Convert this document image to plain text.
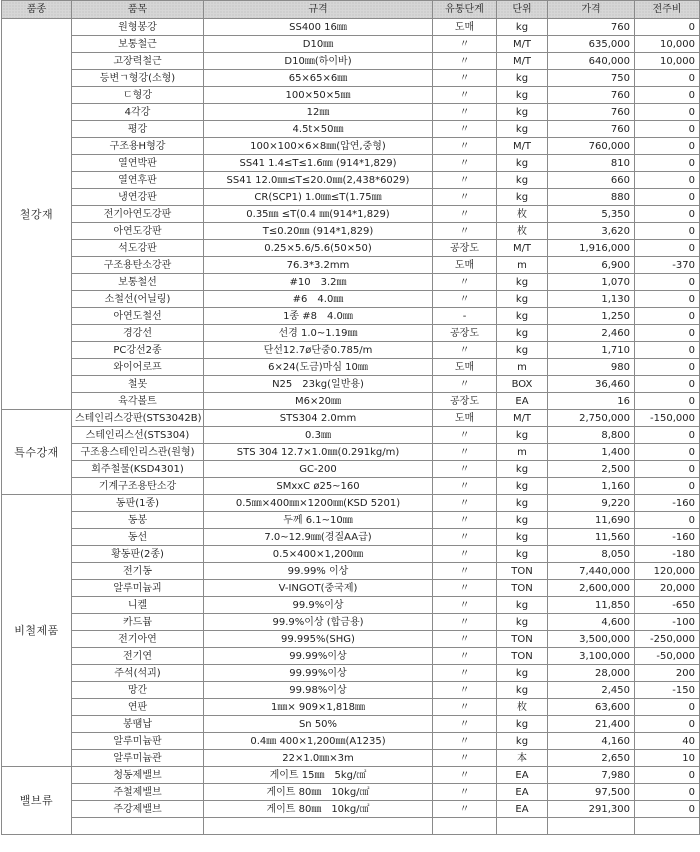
품종	품목	규격	유통단계	단위	가격	전주비
철강재	원형봉강	SS400 16㎜	도매	kg	760	0
	보통철근	D10㎜	〃	M/T	635,000	10,000
	고장력철근	D10㎜(하이바)	〃	M/T	640,000	10,000
	등변ㄱ형강(소형)	65×65×6㎜	〃	kg	750	0
	ㄷ형강	100×50×5㎜	〃	kg	760	0
	4각강	12㎜	〃	kg	760	0
	평강	4.5t×50㎜	〃	kg	760	0
	구조용H형강	100×100×6×8㎜(압연,중형)	〃	M/T	760,000	0
	열연박판	SS41 1.4≤T≤1.6㎜ (914*1,829)	〃	kg	810	0
	열연후판	SS41 12.0㎜≤T≤20.0㎜(2,438*6029)	〃	kg	660	0
	냉연강판	CR(SCP1) 1.0㎜≤T(1.75㎜	〃	kg	880	0
	전기아연도강판	0.35㎜ ≤T(0.4 ㎜(914*1,829)	〃	枚	5,350	0
	아연도강판	T≤0.20㎜ (914*1,829)	〃	枚	3,620	0
	석도강판	0.25×5.6/5.6(50×50)	공장도	M/T	1,916,000	0
	구조용탄소강관	76.3*3.2mm	도매	m	6,900	-370
	보통철선	#10　3.2㎜	〃	kg	1,070	0
	소철선(어닐링)	#6　4.0㎜	〃	kg	1,130	0
	아연도철선	1종 #8　4.0㎜	-	kg	1,250	0
	경강선	선경 1.0~1.19㎜	공장도	kg	2,460	0
	PC강선2종	단선12.7ø단중0.785/m	〃	kg	1,710	0
	와이어로프	6×24(도금)마심 10㎜	도매	m	980	0
	철못	N25　23kg(일반용)	〃	BOX	36,460	0
	육각볼트	M6×20㎜	공장도	EA	16	0
특수강재	스테인리스강판(STS3042B)	STS304 2.0mm	도매	M/T	2,750,000	-150,000
	스테인리스선(STS304)	0.3㎜	〃	kg	8,800	0
	구조용스테인리스관(원형)	STS 304 12.7×1.0㎜(0.291kg/m)	〃	m	1,400	0
	회주철물(KSD4301)	GC-200	〃	kg	2,500	0
	기계구조용탄소강	SMxxC ø25~160	〃	kg	1,160	0
비철제품	동판(1종)	0.5㎜×400㎜×1200㎜(KSD 5201)	〃	kg	9,220	-160
	동봉	두께 6.1~10㎜	〃	kg	11,690	0
	동선	7.0~12.9㎜(경질AA급)	〃	kg	11,560	-160
	황동판(2종)	0.5×400×1,200㎜	〃	kg	8,050	-180
	전기동	99.99% 이상	〃	TON	7,440,000	120,000
	알루미늄괴	V-INGOT(중국제)	〃	TON	2,600,000	20,000
	니켈	99.9%이상	〃	kg	11,850	-650
	카드뮴	99.9%이상 (합금용)	〃	kg	4,600	-100
	전기아연	99.995%(SHG)	〃	TON	3,500,000	-250,000
	전기연	99.99%이상	〃	TON	3,100,000	-50,000
	주석(석괴)	99.99%이상	〃	kg	28,000	200
	망간	99.98%이상	〃	kg	2,450	-150
	연판	1㎜× 909×1,818㎜	〃	枚	63,600	0
	봉땜납	Sn 50%	〃	kg	21,400	0
	알루미늄판	0.4㎜ 400×1,200㎜(A1235)	〃	kg	4,160	40
	알루미늄관	22×1.0㎜×3m	〃	本	2,650	10
밸브류	청동제밸브	게이트 15㎜　5kg/㎠	〃	EA	7,980	0
	주철제밸브	게이트 80㎜　10kg/㎠	〃	EA	97,500	0
	주강제밸브	게이트 80㎜　10kg/㎠	〃	EA	291,300	0
